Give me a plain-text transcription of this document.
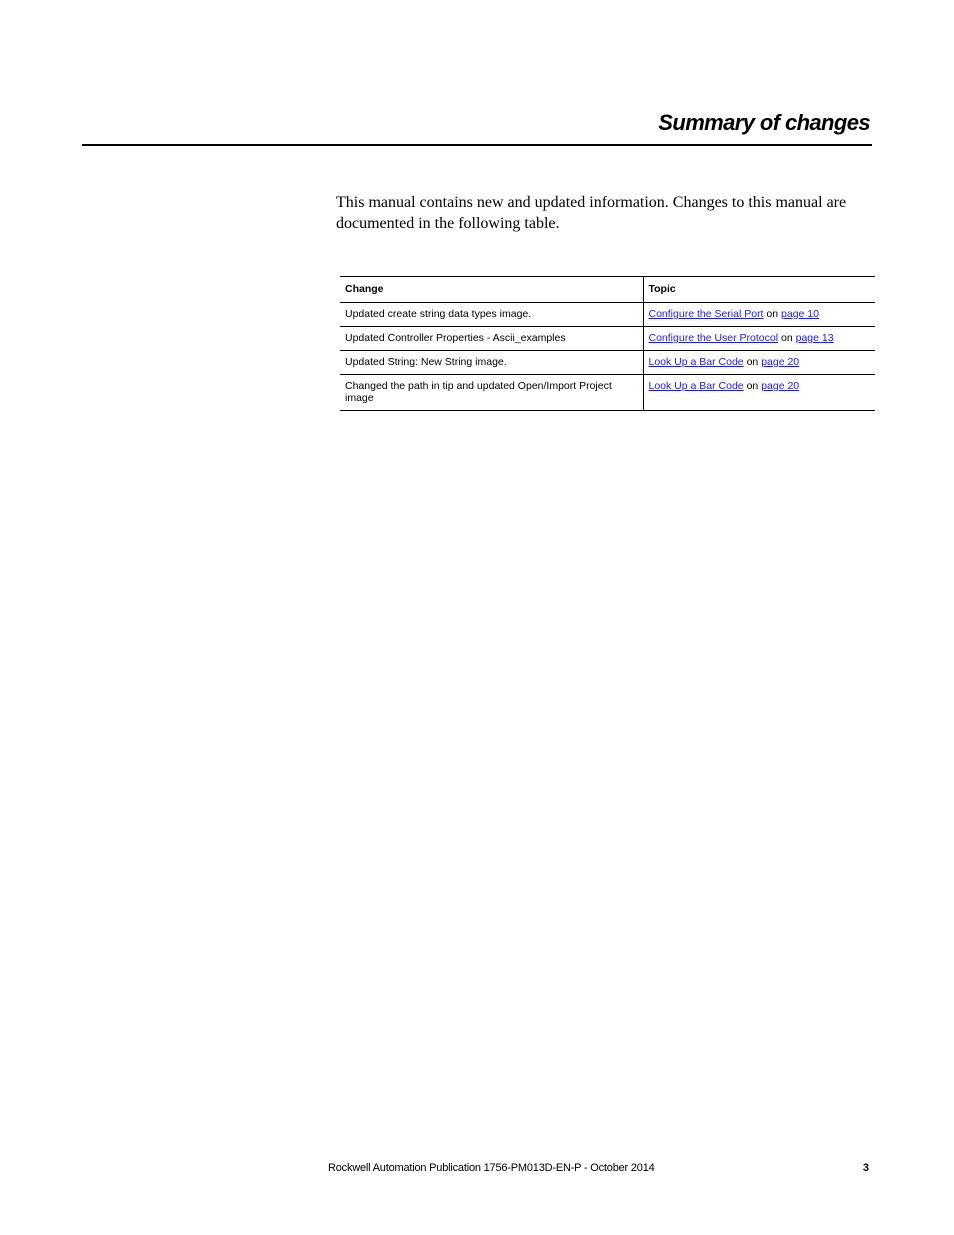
Summary of changes

This manual contains new and updated information. Changes to this manual are documented in the following table.

Change	Topic
Updated create string data types image.	Configure the Serial Port on page 10
Updated Controller Properties - Ascii_examples	Configure the User Protocol on page 13
Updated String: New String image.	Look Up a Bar Code on page 20
Changed the path in tip and updated Open/Import Project image	Look Up a Bar Code on page 20
Rockwell Automation Publication 1756-PM013D-EN-P - October 2014	3
